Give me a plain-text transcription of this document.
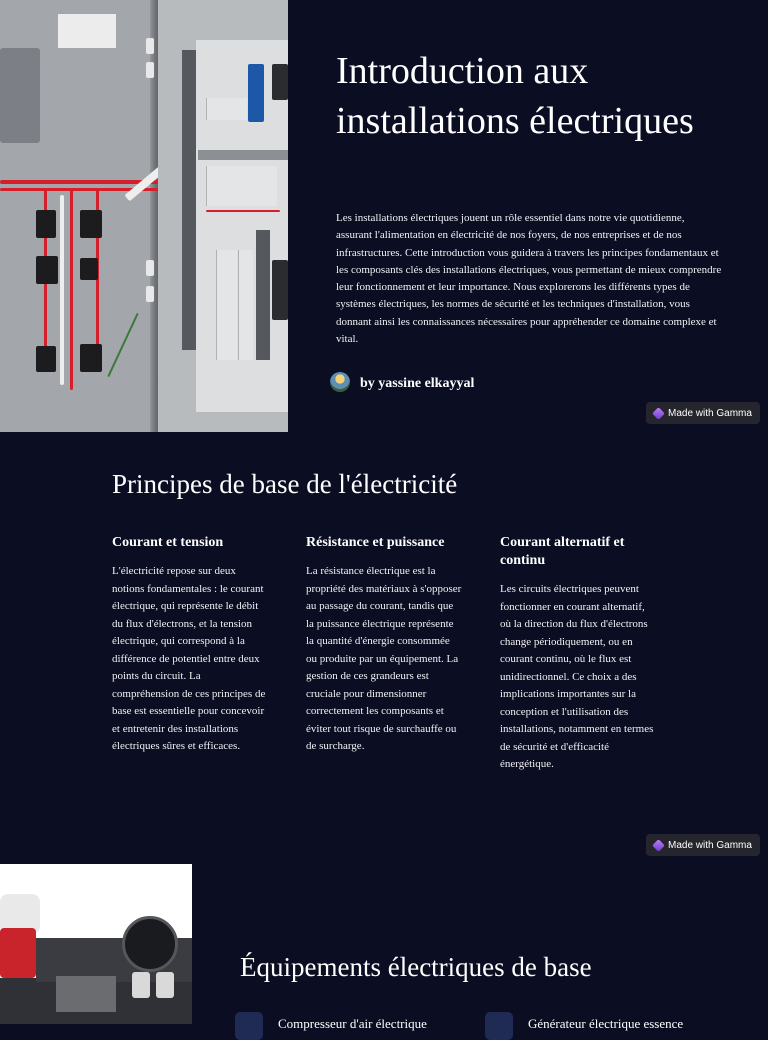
Introduction aux installations électriques

Les installations électriques jouent un rôle essentiel dans notre vie quotidienne, assurant l'alimentation en électricité de nos foyers, de nos entreprises et de nos infrastructures. Cette introduction vous guidera à travers les principes fondamentaux et les composants clés des installations électriques, vous permettant de mieux comprendre leur fonctionnement et leur importance. Nous explorerons les différents types de systèmes électriques, les normes de sécurité et les techniques d'installation, vous donnant ainsi les connaissances nécessaires pour appréhender ce domaine complexe et vital.

by yassine elkayyal

Made with Gamma
Principes de base de l'électricité
Courant et tension

L'électricité repose sur deux notions fondamentales : le courant électrique, qui représente le débit du flux d'électrons, et la tension électrique, qui correspond à la différence de potentiel entre deux points du circuit. La compréhension de ces principes de base est essentielle pour concevoir et entretenir des installations électriques sûres et efficaces.

Résistance et puissance

La résistance électrique est la propriété des matériaux à s'opposer au passage du courant, tandis que la puissance électrique représente la quantité d'énergie consommée ou produite par un équipement. La gestion de ces grandeurs est cruciale pour dimensionner correctement les composants et éviter tout risque de surchauffe ou de surcharge.

Courant alternatif et continu

Les circuits électriques peuvent fonctionner en courant alternatif, où la direction du flux d'électrons change périodiquement, ou en courant continu, où le flux est unidirectionnel. Ce choix a des implications importantes sur la conception et l'utilisation des installations, notamment en termes de sécurité et d'efficacité énergétique.

Made with Gamma
Équipements électriques de base

Compresseur d'air électrique	Générateur électrique essence
